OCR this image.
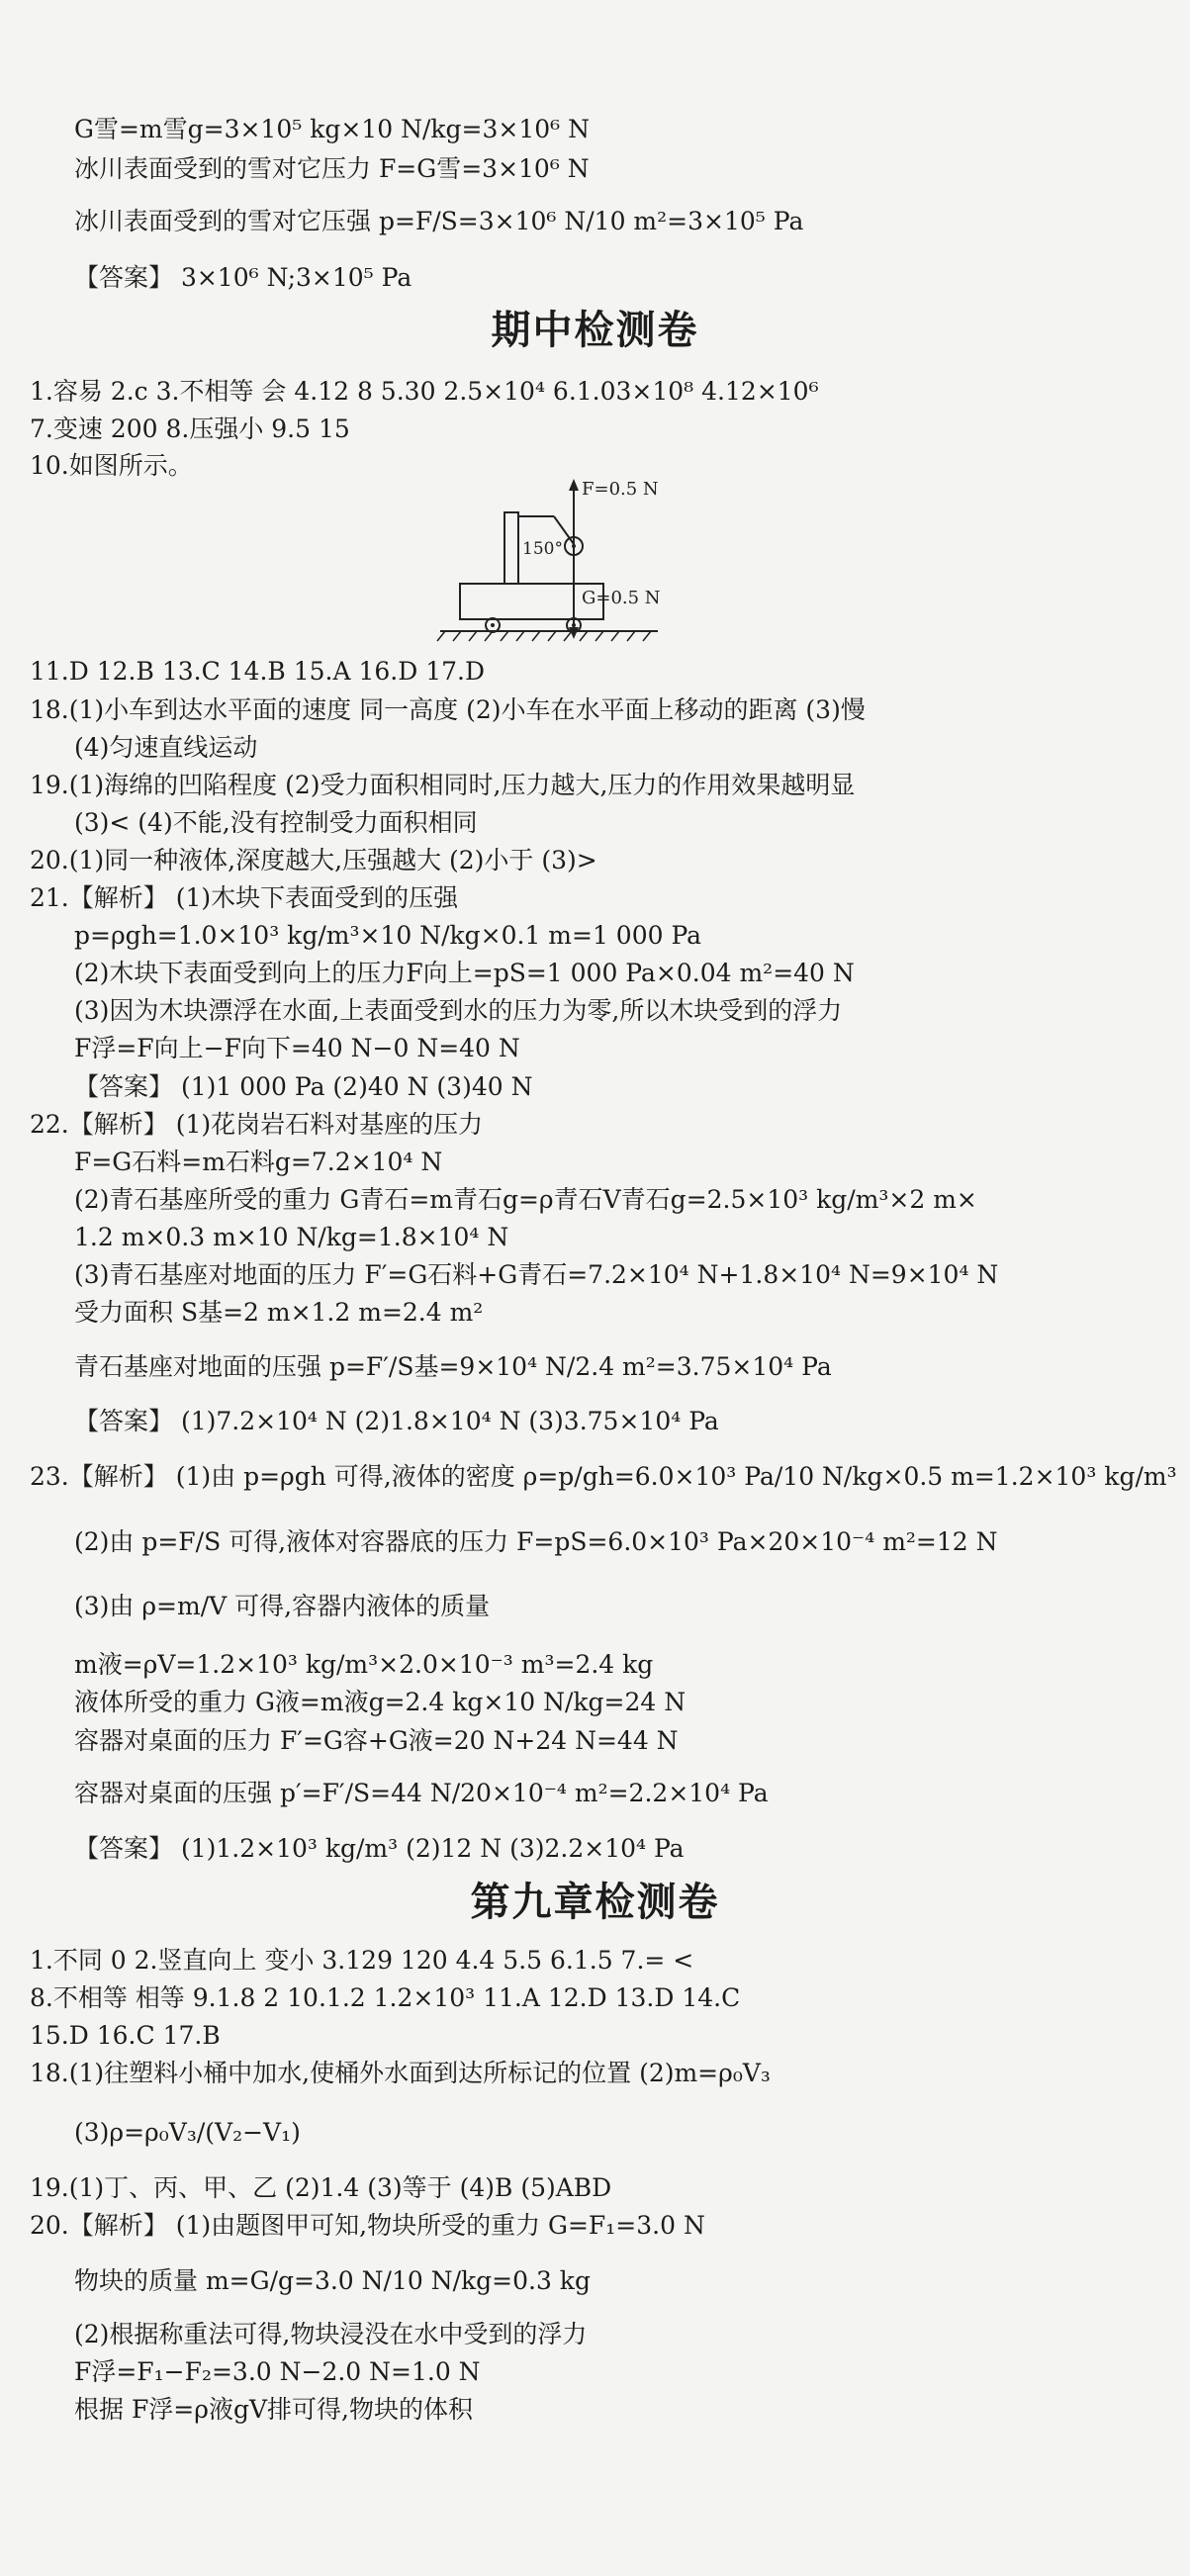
G雪=m雪g=3×10⁵ kg×10 N/kg=3×10⁶ N
冰川表面受到的雪对它压力 F=G雪=3×10⁶ N
冰川表面受到的雪对它压强 p=F/S=3×10⁶ N/10 m²=3×10⁵ Pa
【答案】 3×10⁶ N;3×10⁵ Pa
期中检测卷
1.容易 2.c 3.不相等 会 4.12 8 5.30 2.5×10⁴ 6.1.03×10⁸ 4.12×10⁶
7.变速 200 8.压强小 9.5 15
10.如图所示。
F=0.5 N
G=0.5 N
150°
11.D 12.B 13.C 14.B 15.A 16.D 17.D
18.(1)小车到达水平面的速度 同一高度 (2)小车在水平面上移动的距离 (3)慢
(4)匀速直线运动
19.(1)海绵的凹陷程度 (2)受力面积相同时,压力越大,压力的作用效果越明显
(3)< (4)不能,没有控制受力面积相同
20.(1)同一种液体,深度越大,压强越大 (2)小于 (3)>
21.【解析】 (1)木块下表面受到的压强
p=ρgh=1.0×10³ kg/m³×10 N/kg×0.1 m=1 000 Pa
(2)木块下表面受到向上的压力F向上=pS=1 000 Pa×0.04 m²=40 N
(3)因为木块漂浮在水面,上表面受到水的压力为零,所以木块受到的浮力
F浮=F向上−F向下=40 N−0 N=40 N
【答案】 (1)1 000 Pa (2)40 N (3)40 N
22.【解析】 (1)花岗岩石料对基座的压力
F=G石料=m石料g=7.2×10⁴ N
(2)青石基座所受的重力 G青石=m青石g=ρ青石V青石g=2.5×10³ kg/m³×2 m×
1.2 m×0.3 m×10 N/kg=1.8×10⁴ N
(3)青石基座对地面的压力 F′=G石料+G青石=7.2×10⁴ N+1.8×10⁴ N=9×10⁴ N
受力面积 S基=2 m×1.2 m=2.4 m²
青石基座对地面的压强 p=F′/S基=9×10⁴ N/2.4 m²=3.75×10⁴ Pa
【答案】 (1)7.2×10⁴ N (2)1.8×10⁴ N (3)3.75×10⁴ Pa
23.【解析】 (1)由 p=ρgh 可得,液体的密度 ρ=p/gh=6.0×10³ Pa/10 N/kg×0.5 m=1.2×10³ kg/m³
(2)由 p=F/S 可得,液体对容器底的压力 F=pS=6.0×10³ Pa×20×10⁻⁴ m²=12 N
(3)由 ρ=m/V 可得,容器内液体的质量
m液=ρV=1.2×10³ kg/m³×2.0×10⁻³ m³=2.4 kg
液体所受的重力 G液=m液g=2.4 kg×10 N/kg=24 N
容器对桌面的压力 F′=G容+G液=20 N+24 N=44 N
容器对桌面的压强 p′=F′/S=44 N/20×10⁻⁴ m²=2.2×10⁴ Pa
【答案】 (1)1.2×10³ kg/m³ (2)12 N (3)2.2×10⁴ Pa
第九章检测卷
1.不同 0 2.竖直向上 变小 3.129 120 4.4 5.5 6.1.5 7.= <
8.不相等 相等 9.1.8 2 10.1.2 1.2×10³ 11.A 12.D 13.D 14.C
15.D 16.C 17.B
18.(1)往塑料小桶中加水,使桶外水面到达所标记的位置 (2)m=ρ₀V₃
(3)ρ=ρ₀V₃/(V₂−V₁)
19.(1)丁、丙、甲、乙 (2)1.4 (3)等于 (4)B (5)ABD
20.【解析】 (1)由题图甲可知,物块所受的重力 G=F₁=3.0 N
物块的质量 m=G/g=3.0 N/10 N/kg=0.3 kg
(2)根据称重法可得,物块浸没在水中受到的浮力
F浮=F₁−F₂=3.0 N−2.0 N=1.0 N
根据 F浮=ρ液gV排可得,物块的体积
